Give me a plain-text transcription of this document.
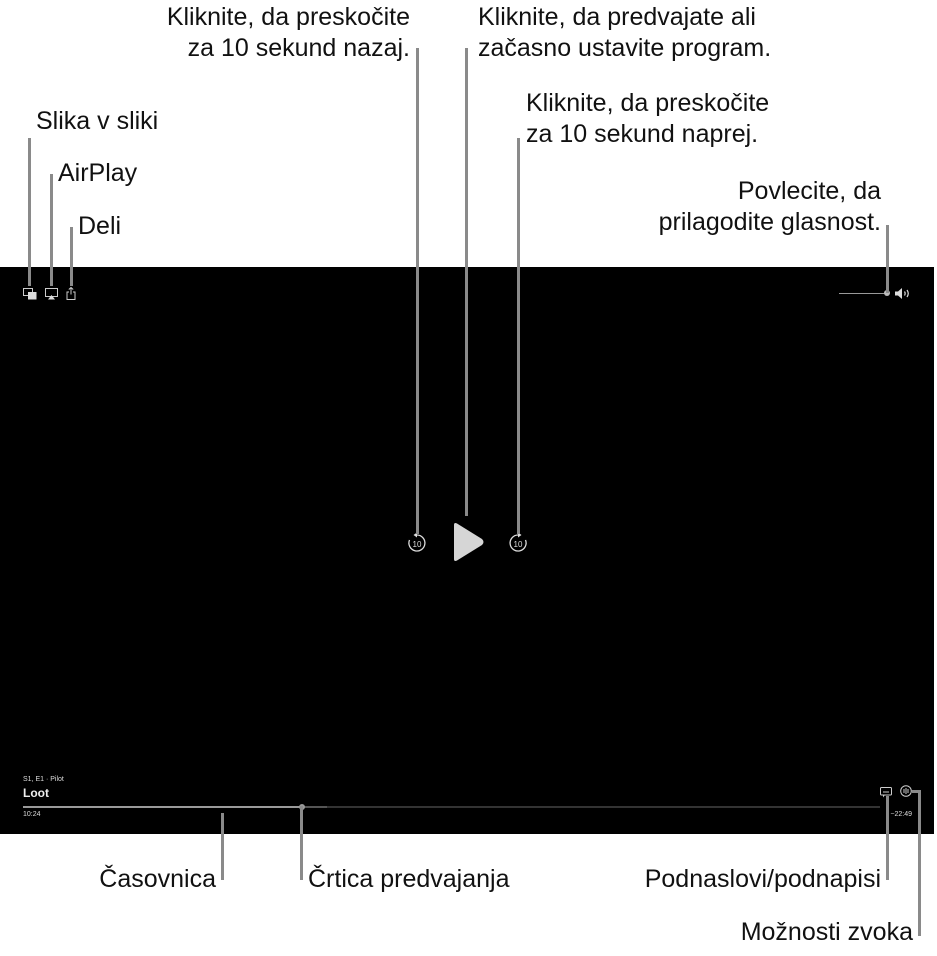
Slika v sliki
AirPlay
Deli
Kliknite, da preskočite
za 10 sekund nazaj.
Kliknite, da predvajate ali
začasno ustavite program.
Kliknite, da preskočite
za 10 sekund naprej.
Povlecite, da
prilagodite glasnost.
Časovnica	Črtica predvajanja	Podnaslovi/podnapisi
Možnosti zvoka
10	10
S1, E1 · Pilot
Loot
10:24	−22:49
